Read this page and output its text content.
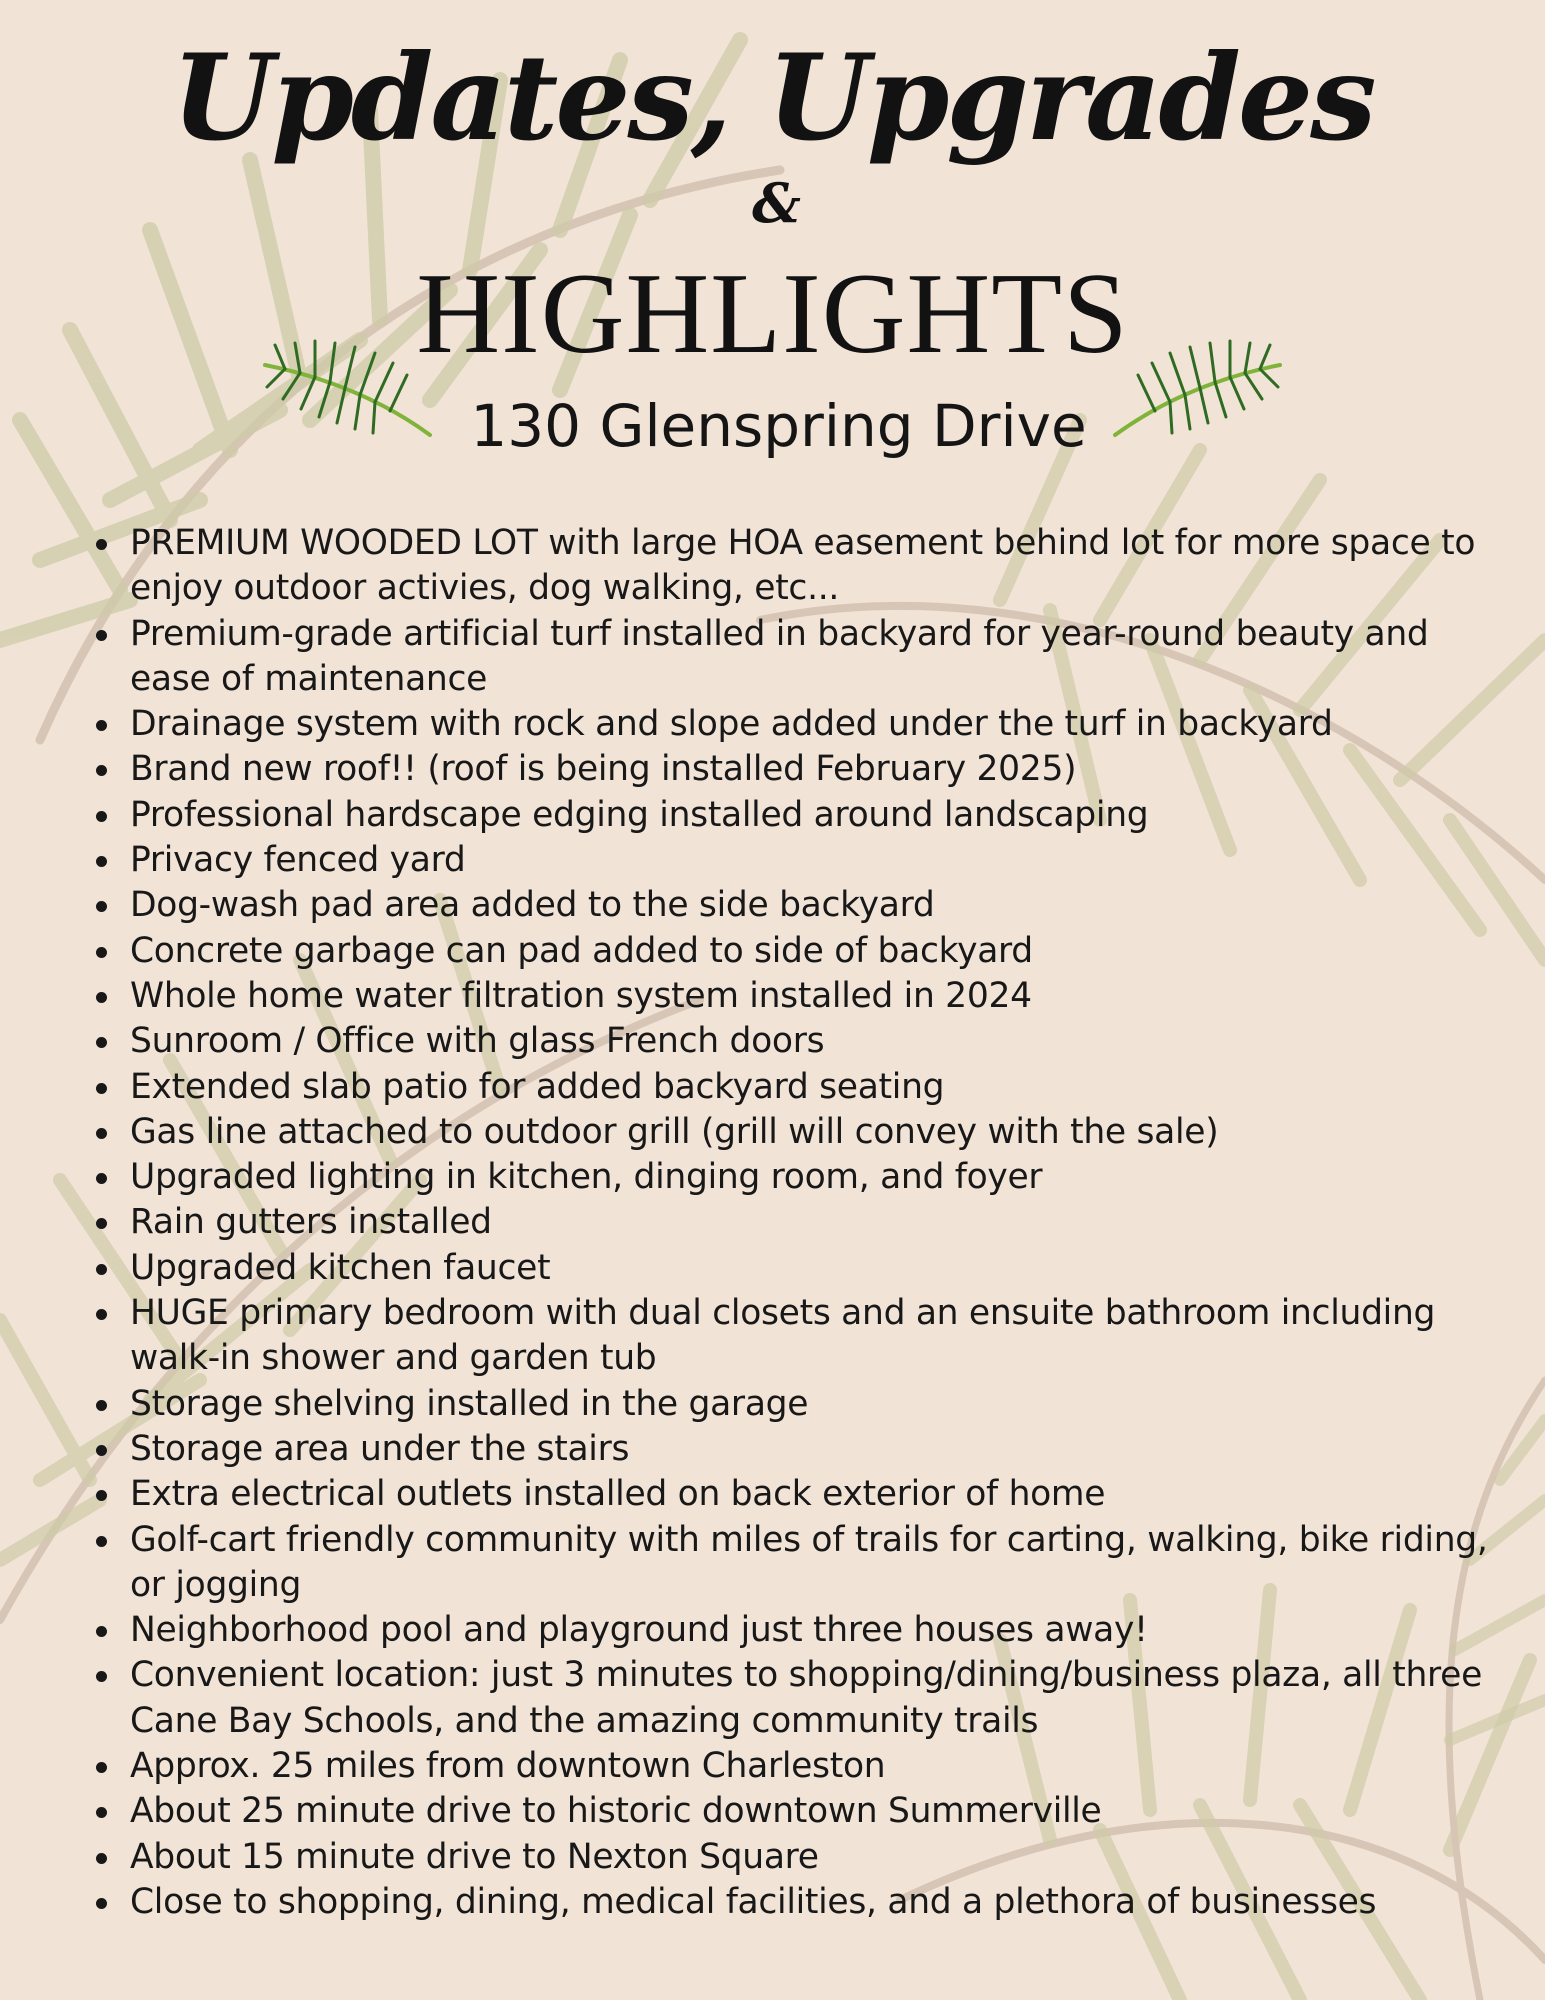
Updates, Upgrades
&
HIGHLIGHTS
130 Glenspring Drive
PREMIUM WOODED LOT with large HOA easement behind lot for more space to enjoy outdoor activies, dog walking, etc...
Premium-grade artificial turf installed in backyard for year-round beauty and ease of maintenance
Drainage system with rock and slope added under the turf in backyard
Brand new roof!! (roof is being installed February 2025)
Professional hardscape edging installed around landscaping
Privacy fenced yard
Dog-wash pad area added to the side backyard
Concrete garbage can pad added to side of backyard
Whole home water filtration system installed in 2024
Sunroom / Office with glass French doors
Extended slab patio for added backyard seating
Gas line attached to outdoor grill (grill will convey with the sale)
Upgraded lighting in kitchen, dinging room, and foyer
Rain gutters installed
Upgraded kitchen faucet
HUGE primary bedroom with dual closets and an ensuite bathroom including walk-in shower and garden tub
Storage shelving installed in the garage
Storage area under the stairs
Extra electrical outlets installed on back exterior of home
Golf-cart friendly community with miles of trails for carting, walking, bike riding, or jogging
Neighborhood pool and playground just three houses away!
Convenient location: just 3 minutes to shopping/dining/business plaza, all three Cane Bay Schools, and the amazing community trails
Approx. 25 miles from downtown Charleston
About 25 minute drive to historic downtown Summerville
About 15 minute drive to Nexton Square
Close to shopping, dining, medical facilities, and a plethora of businesses
